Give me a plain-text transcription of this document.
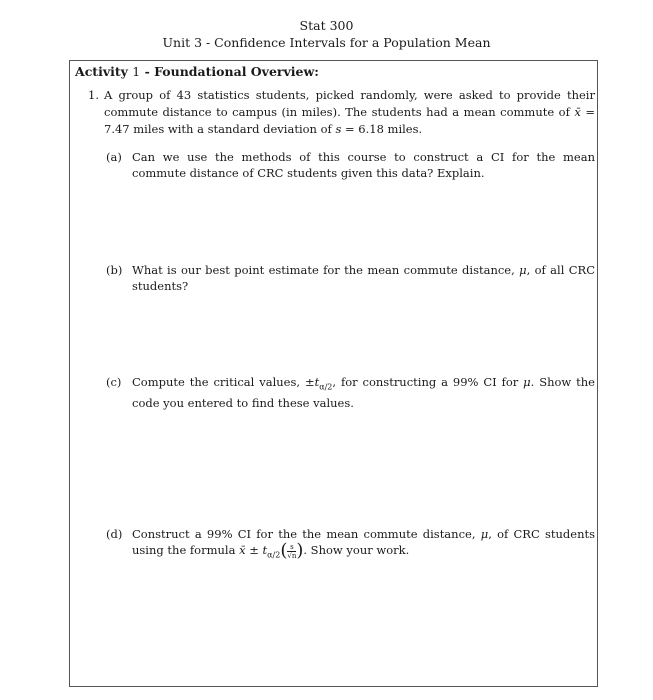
Stat 300
Unit 3 - Confidence Intervals for a Population Mean
Activity 1 - Foundational Overview:
1. A group of 43 statistics students, picked randomly, were asked to provide their commute distance to campus (in miles). The students had a mean commute of x̄ = 7.47 miles with a standard deviation of s = 6.18 miles.
(a) Can we use the methods of this course to construct a CI for the mean commute distance of CRC students given this data? Explain.
(b) What is our best point estimate for the mean commute distance, μ, of all CRC students?
(c) Compute the critical values, $\pm t_{\alpha/2}$, for constructing a 99% CI for μ. Show the code you entered to find these values.
(d) Construct a 99% CI for the the mean commute distance, μ, of CRC students using the formula x̄ ± $t_{\alpha/2}( \frac{s}{√n}$ ). Show your work.
